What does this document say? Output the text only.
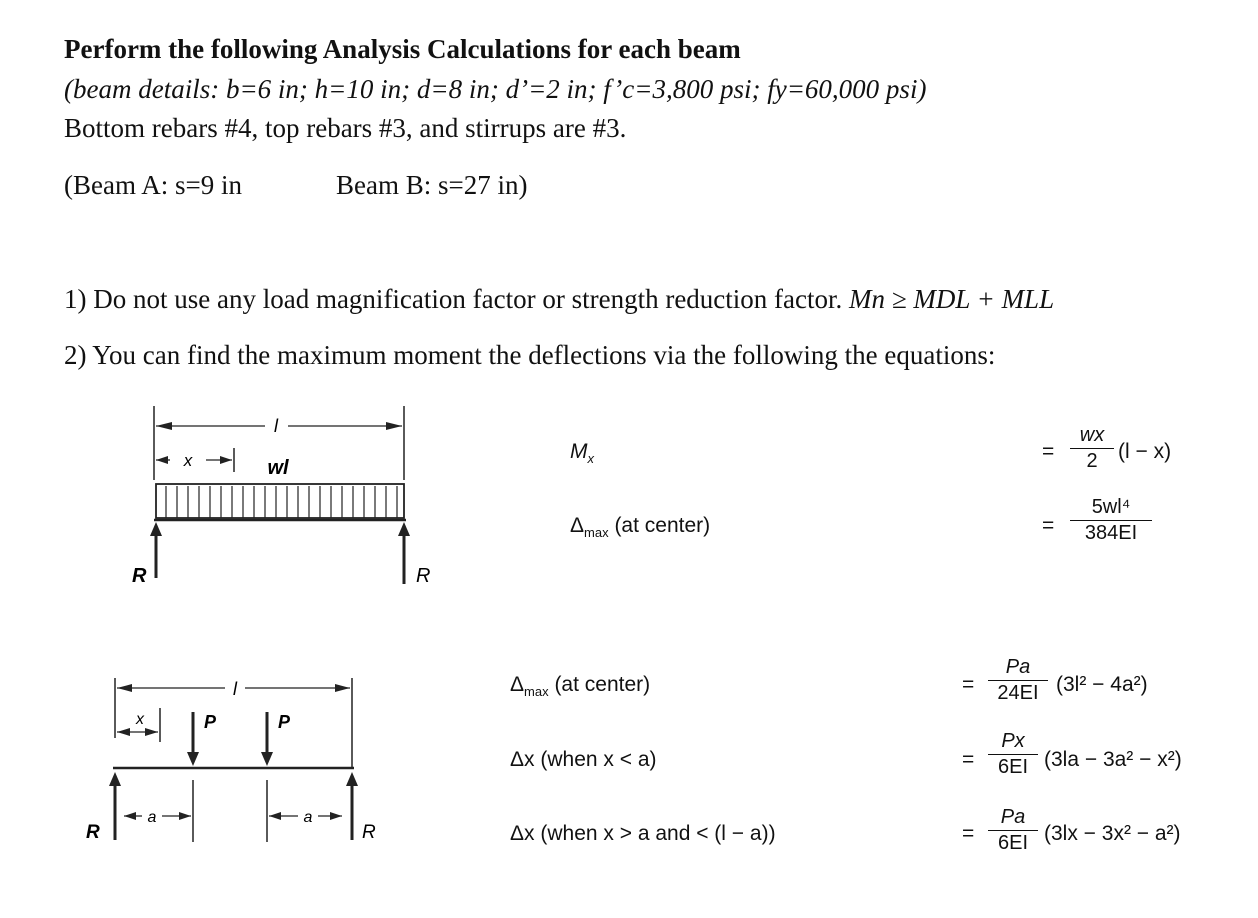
Perform the following Analysis Calculations for each beam
(beam details: b=6 in; h=10 in; d=8 in; d’=2 in; f’c=3,800 psi; fy=60,000 psi)
Bottom rebars #4, top rebars #3, and stirrups are #3.
(Beam A: s=9 in	Beam B: s=27 in)
1) Do not use any load magnification factor or strength reduction factor. Mn ≥ MDL + MLL
2) You can find the maximum moment the deflections via the following the equations:
l
x	wl
R	R
l
x	P	P
a	a
R	R
$M_x$	= $\frac{wx}{2} (l - x)$
$\Delta_{max}$ (at center)	= $\frac{\text{5wl⁴}}{384EI}$
$\Delta_{max}$ (at center)	= $\frac{Pa}{24EI} (3l^2 - 4a^2)$
Δx (when x < a)	= $\frac{Px}{6EI} (3la - 3a^2 - x^2)$
Δx (when x > a and < (l − a))	= $\frac{Pa}{6EI} (3lx - 3x^2 - a^2)$
